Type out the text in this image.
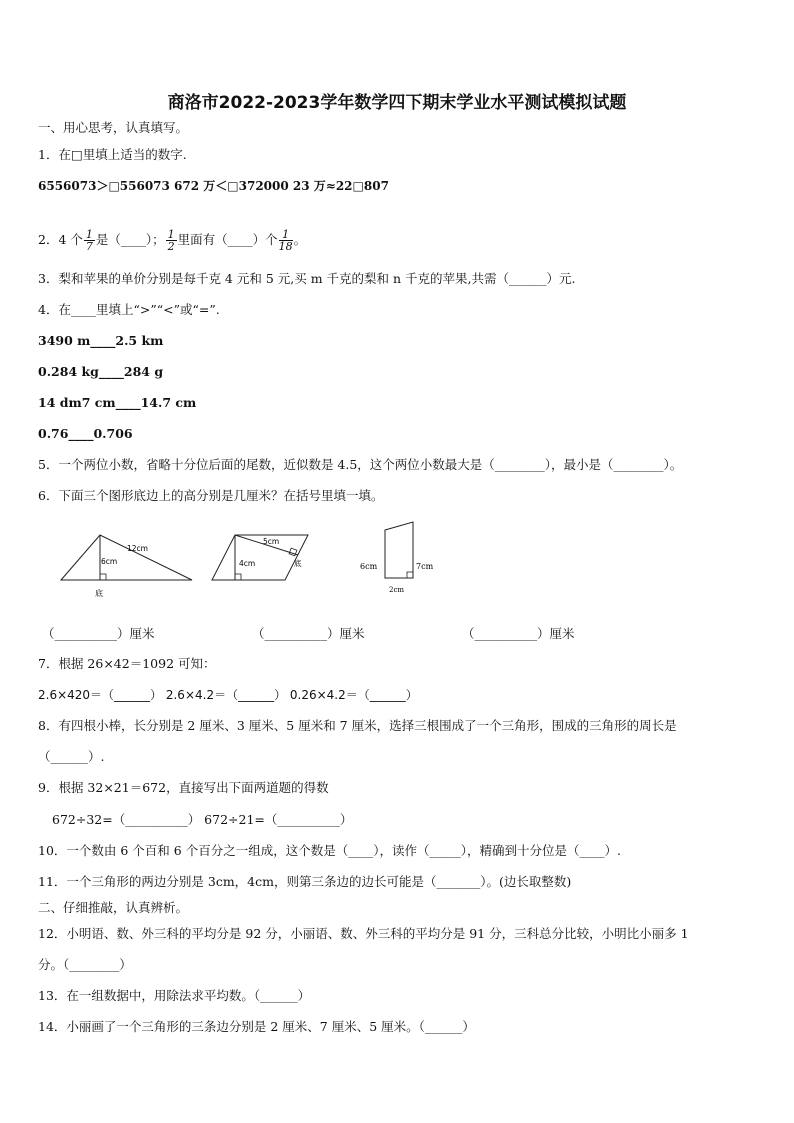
商洛市2022-2023学年数学四下期末学业水平测试模拟试题
一、用心思考，认真填写。
1．在□里填上适当的数字.
6556073＞□556073 672 万＜□372000 23 万≈22□807
2．4 个 $\frac{1}{7}$ 是（____）； $\frac{1}{2}$ 里面有（____）个 $\frac{1}{18}$ 。
3．梨和苹果的单价分别是每千克 4 元和 5 元,买 m 千克的梨和 n 千克的苹果,共需（______）元.
4．在____里填上“>”“<”或“=”.
3490 m____2.5 km
0.284 kg____284 g
14 dm7 cm____14.7 cm
0.76____0.706
5．一个两位小数，省略十分位后面的尾数，近似数是 4.5，这个两位小数最大是（________），最小是（________）。
6．下面三个图形底边上的高分别是几厘米？在括号里填一填。
12cm
6cm
底
5cm
4cm	底	6cm	7cm
2cm
（__________）厘米	（__________）厘米	（__________）厘米
7．根据 26×42＝1092 可知：
2.6×420＝（______） 2.6×4.2＝（______） 0.26×4.2＝（______）
8．有四根小棒，长分别是 2 厘米、3 厘米、5 厘米和 7 厘米，选择三根围成了一个三角形，围成的三角形的周长是
（______）.
9．根据 32×21＝672，直接写出下面两道题的得数
672÷32=（__________） 672÷21=（__________）
10．一个数由 6 个百和 6 个百分之一组成，这个数是（____），读作（_____），精确到十分位是（____）.
11．一个三角形的两边分别是 3cm，4cm，则第三条边的边长可能是（_______）。(边长取整数)
二、仔细推敲，认真辨析。
12．小明语、数、外三科的平均分是 92 分，小丽语、数、外三科的平均分是 91 分，三科总分比较，小明比小丽多 1
分。（________）
13．在一组数据中，用除法求平均数。（______）
14．小丽画了一个三角形的三条边分别是 2 厘米、7 厘米、5 厘米。（______）
